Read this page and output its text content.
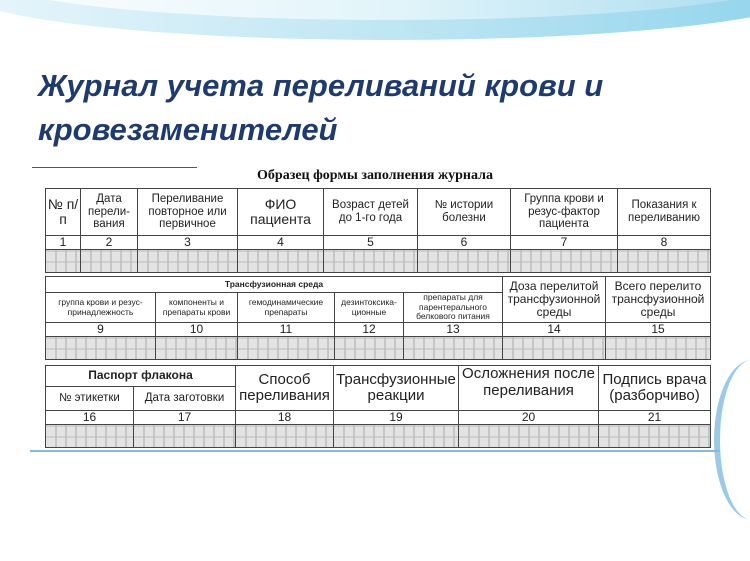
Журнал учета переливаний крови и кровезаменителей
Образец формы заполнения журнала
№ п/п	Дата перели-вания	Переливание повторное или первичное	ФИО пациента	Возраст детей до 1-го года	№ истории болезни	Группа крови и резус-фактор пациента	Показания к переливанию
1	2	3	4	5	6	7	8

Трансфузионная среда					Доза перелитой трансфузионной среды	Всего перелито трансфузионной среды
группа крови и резус-принадлежность	компоненты и препараты крови	гемодинамические препараты	дезинтоксика-ционные	препараты для парентерального белкового питания		
9	10	11	12	13	14	15

Паспорт флакона		Способ переливания	Трансфузионные реакции	Осложнения после переливания	Подпись врача (разборчиво)
№ этикетки	Дата заготовки				
16	17	18	19	20	21
